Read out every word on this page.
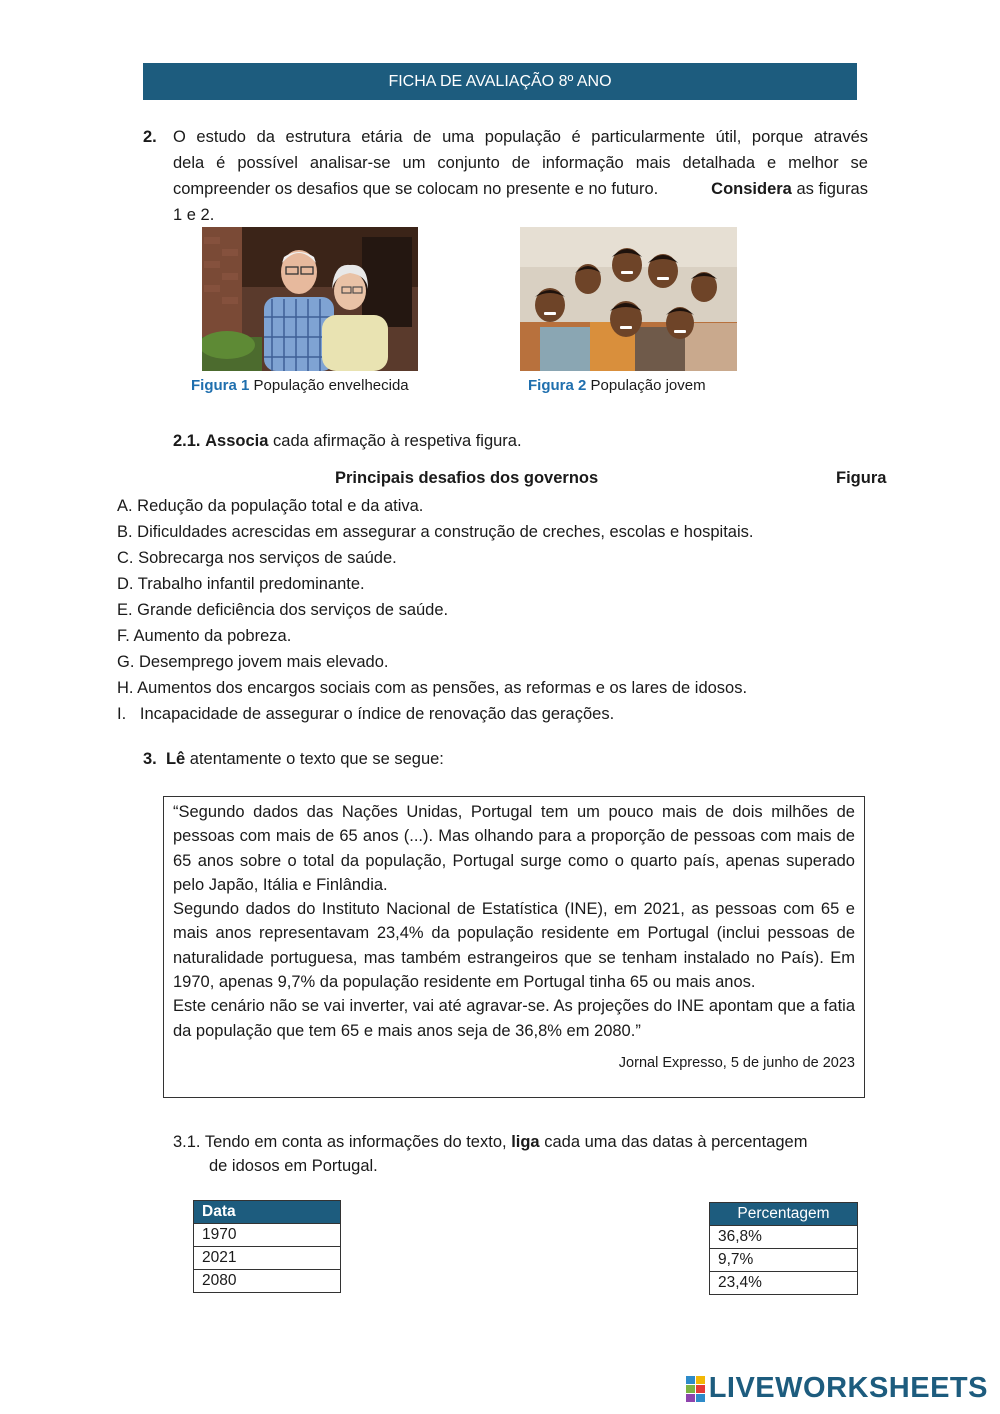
FICHA DE AVALIAÇÃO 8º ANO
2. O estudo da estrutura etária de uma população é particularmente útil, porque através
dela é possível analisar-se um conjunto de informação mais detalhada e melhor se
compreender os desafios que se colocam no presente e no futuro.	Considera as figuras
1 e 2.
Figura 1 População envelhecida	Figura 2 População jovem
2.1. Associa cada afirmação à respetiva figura.
Principais desafios dos governos	Figura
A. Redução da população total e da ativa.
B. Dificuldades acrescidas em assegurar a construção de creches, escolas e hospitais.
C. Sobrecarga nos serviços de saúde.
D. Trabalho infantil predominante.
E. Grande deficiência dos serviços de saúde.
F. Aumento da pobreza.
G. Desemprego jovem mais elevado.
H. Aumentos dos encargos sociais com as pensões, as reformas e os lares de idosos.
I.   Incapacidade de assegurar o índice de renovação das gerações.
3. Lê atentamente o texto que se segue:

“Segundo dados das Nações Unidas, Portugal tem um pouco mais de dois milhões de pessoas com mais de 65 anos (...). Mas olhando para a proporção de pessoas com mais de 65 anos sobre o total da população, Portugal surge como o quarto país, apenas superado pelo Japão, Itália e Finlândia.

Segundo dados do Instituto Nacional de Estatística (INE), em 2021, as pessoas com 65 e mais anos representavam 23,4% da população residente em Portugal (inclui pessoas de naturalidade portuguesa, mas também estrangeiros que se tenham instalado no País). Em 1970, apenas 9,7% da população residente em Portugal tinha 65 ou mais anos.

Este cenário não se vai inverter, vai até agravar-se. As projeções do INE apontam que a fatia da população que tem 65 e mais anos seja de 36,8% em 2080.”

Jornal Expresso, 5 de junho de 2023
3.1. Tendo em conta as informações do texto, liga cada uma das datas à percentagem
de idosos em Portugal.
Data
1970
2021
2080
Percentagem
36,8%
9,7%
23,4%
LIVEWORKSHEETS
